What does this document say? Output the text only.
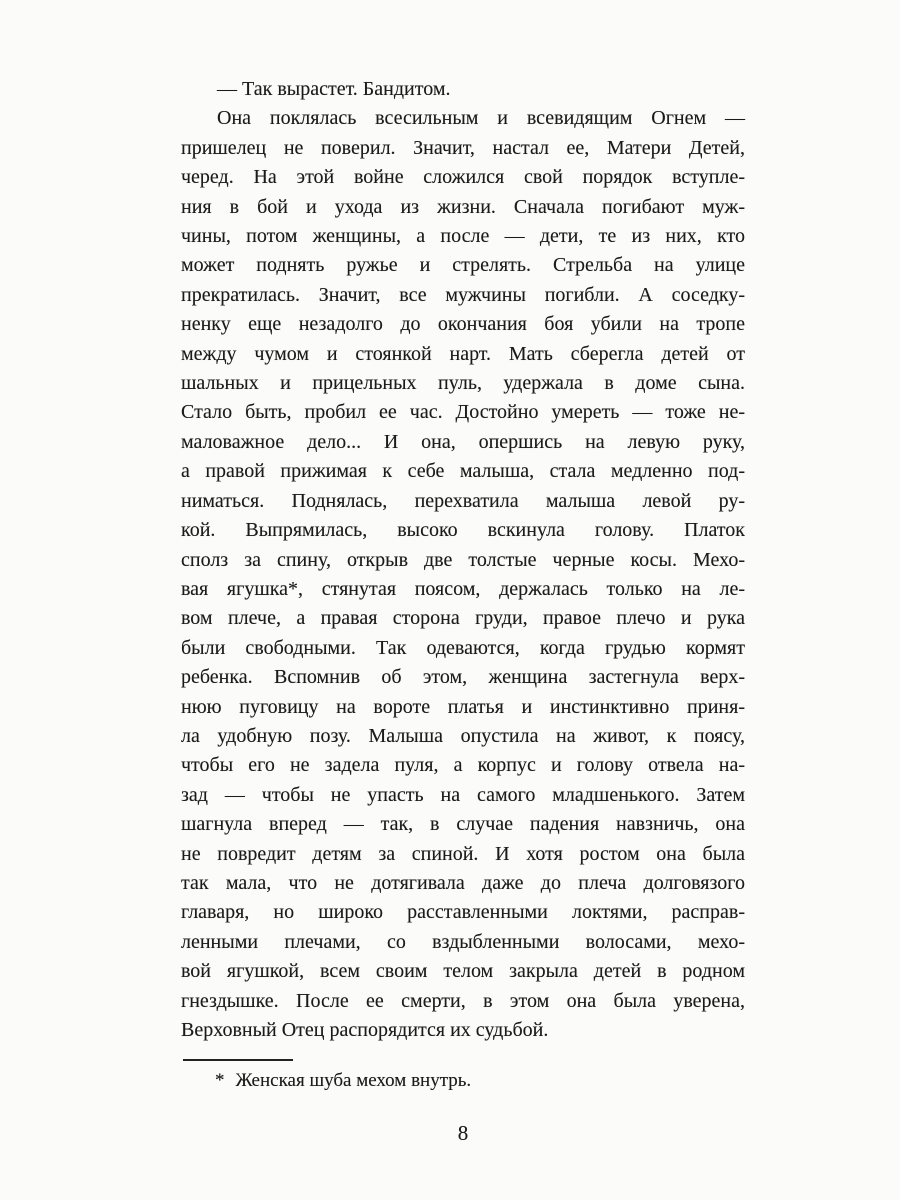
— Так вырастет. Бандитом.
Она поклялась всесильным и всевидящим Огнем —
пришелец не поверил. Значит, настал ее, Матери Детей,
черед. На этой войне сложился свой порядок вступле-
ния в бой и ухода из жизни. Сначала погибают муж-
чины, потом женщины, а после — дети, те из них, кто
может поднять ружье и стрелять. Стрельба на улице
прекратилась. Значит, все мужчины погибли. А соседку-
ненку еще незадолго до окончания боя убили на тропе
между чумом и стоянкой нарт. Мать сберегла детей от
шальных и прицельных пуль, удержала в доме сына.
Стало быть, пробил ее час. Достойно умереть — тоже не-
маловажное дело... И она, опершись на левую руку,
а правой прижимая к себе малыша, стала медленно под-
ниматься. Поднялась, перехватила малыша левой ру-
кой. Выпрямилась, высоко вскинула голову. Платок
сполз за спину, открыв две толстые черные косы. Мехо-
вая ягушка*, стянутая поясом, держалась только на ле-
вом плече, а правая сторона груди, правое плечо и рука
были свободными. Так одеваются, когда грудью кормят
ребенка. Вспомнив об этом, женщина застегнула верх-
нюю пуговицу на вороте платья и инстинктивно приня-
ла удобную позу. Малыша опустила на живот, к поясу,
чтобы его не задела пуля, а корпус и голову отвела на-
зад — чтобы не упасть на самого младшенького. Затем
шагнула вперед — так, в случае падения навзничь, она
не повредит детям за спиной. И хотя ростом она была
так мала, что не дотягивала даже до плеча долговязого
главаря, но широко расставленными локтями, расправ-
ленными плечами, со вздыбленными волосами, мехо-
вой ягушкой, всем своим телом закрыла детей в родном
гнездышке. После ее смерти, в этом она была уверена,
Верховный Отец распорядится их судьбой.
* Женская шуба мехом внутрь.
8
